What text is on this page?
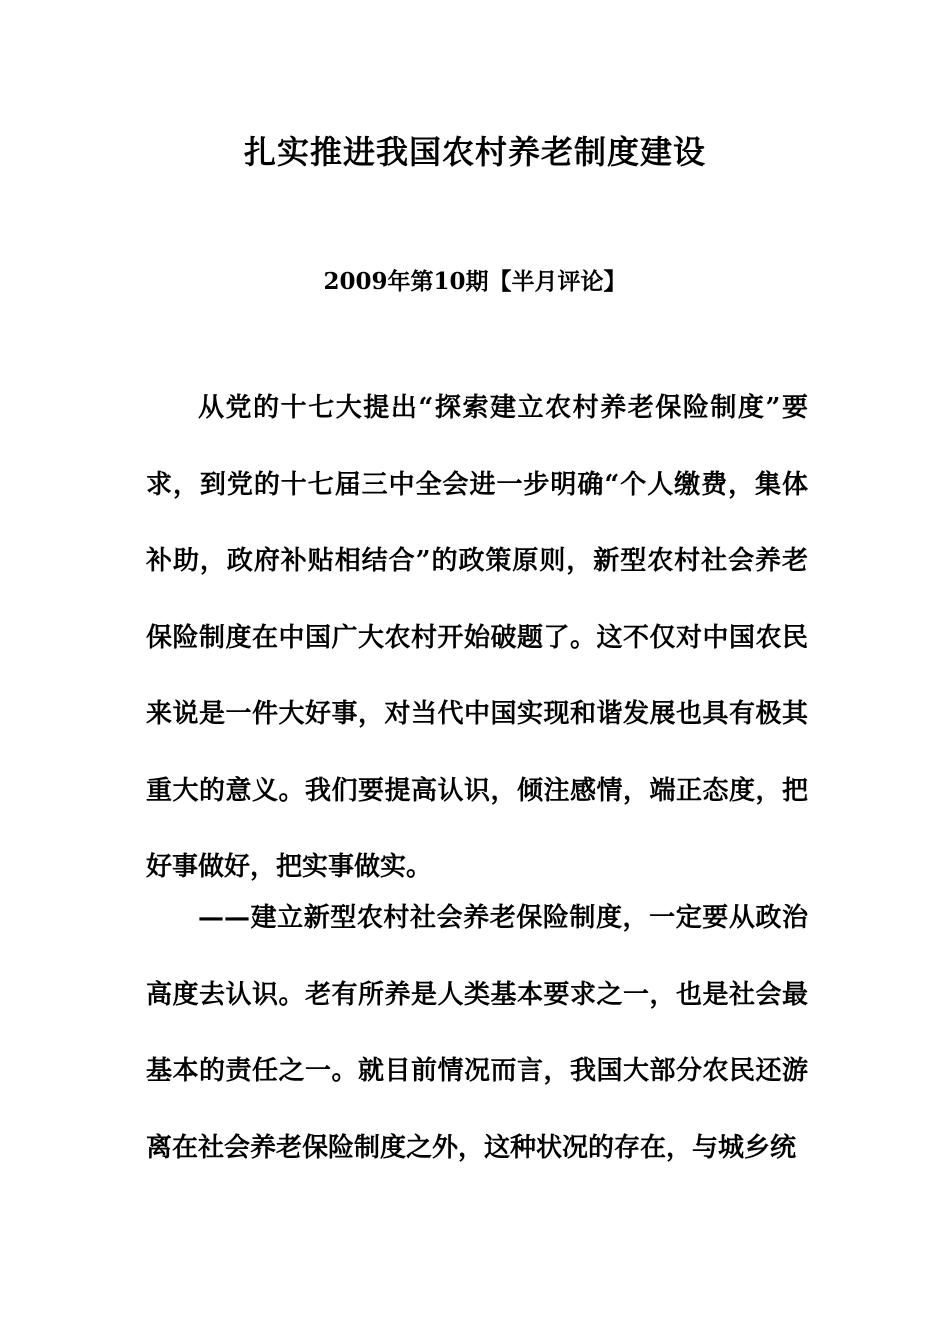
扎实推进我国农村养老制度建设
2009年第10期【半月评论】

从党的十七大提出“探索建立农村养老保险制度”要求，到党的十七届三中全会进一步明确“个人缴费，集体补助，政府补贴相结合”的政策原则，新型农村社会养老保险制度在中国广大农村开始破题了。这不仅对中国农民来说是一件大好事，对当代中国实现和谐发展也具有极其重大的意义。我们要提高认识，倾注感情，端正态度，把好事做好，把实事做实。

——建立新型农村社会养老保险制度，一定要从政治高度去认识。老有所养是人类基本要求之一，也是社会最基本的责任之一。就目前情况而言，我国大部分农民还游离在社会养老保险制度之外，这种状况的存在，与城乡统
